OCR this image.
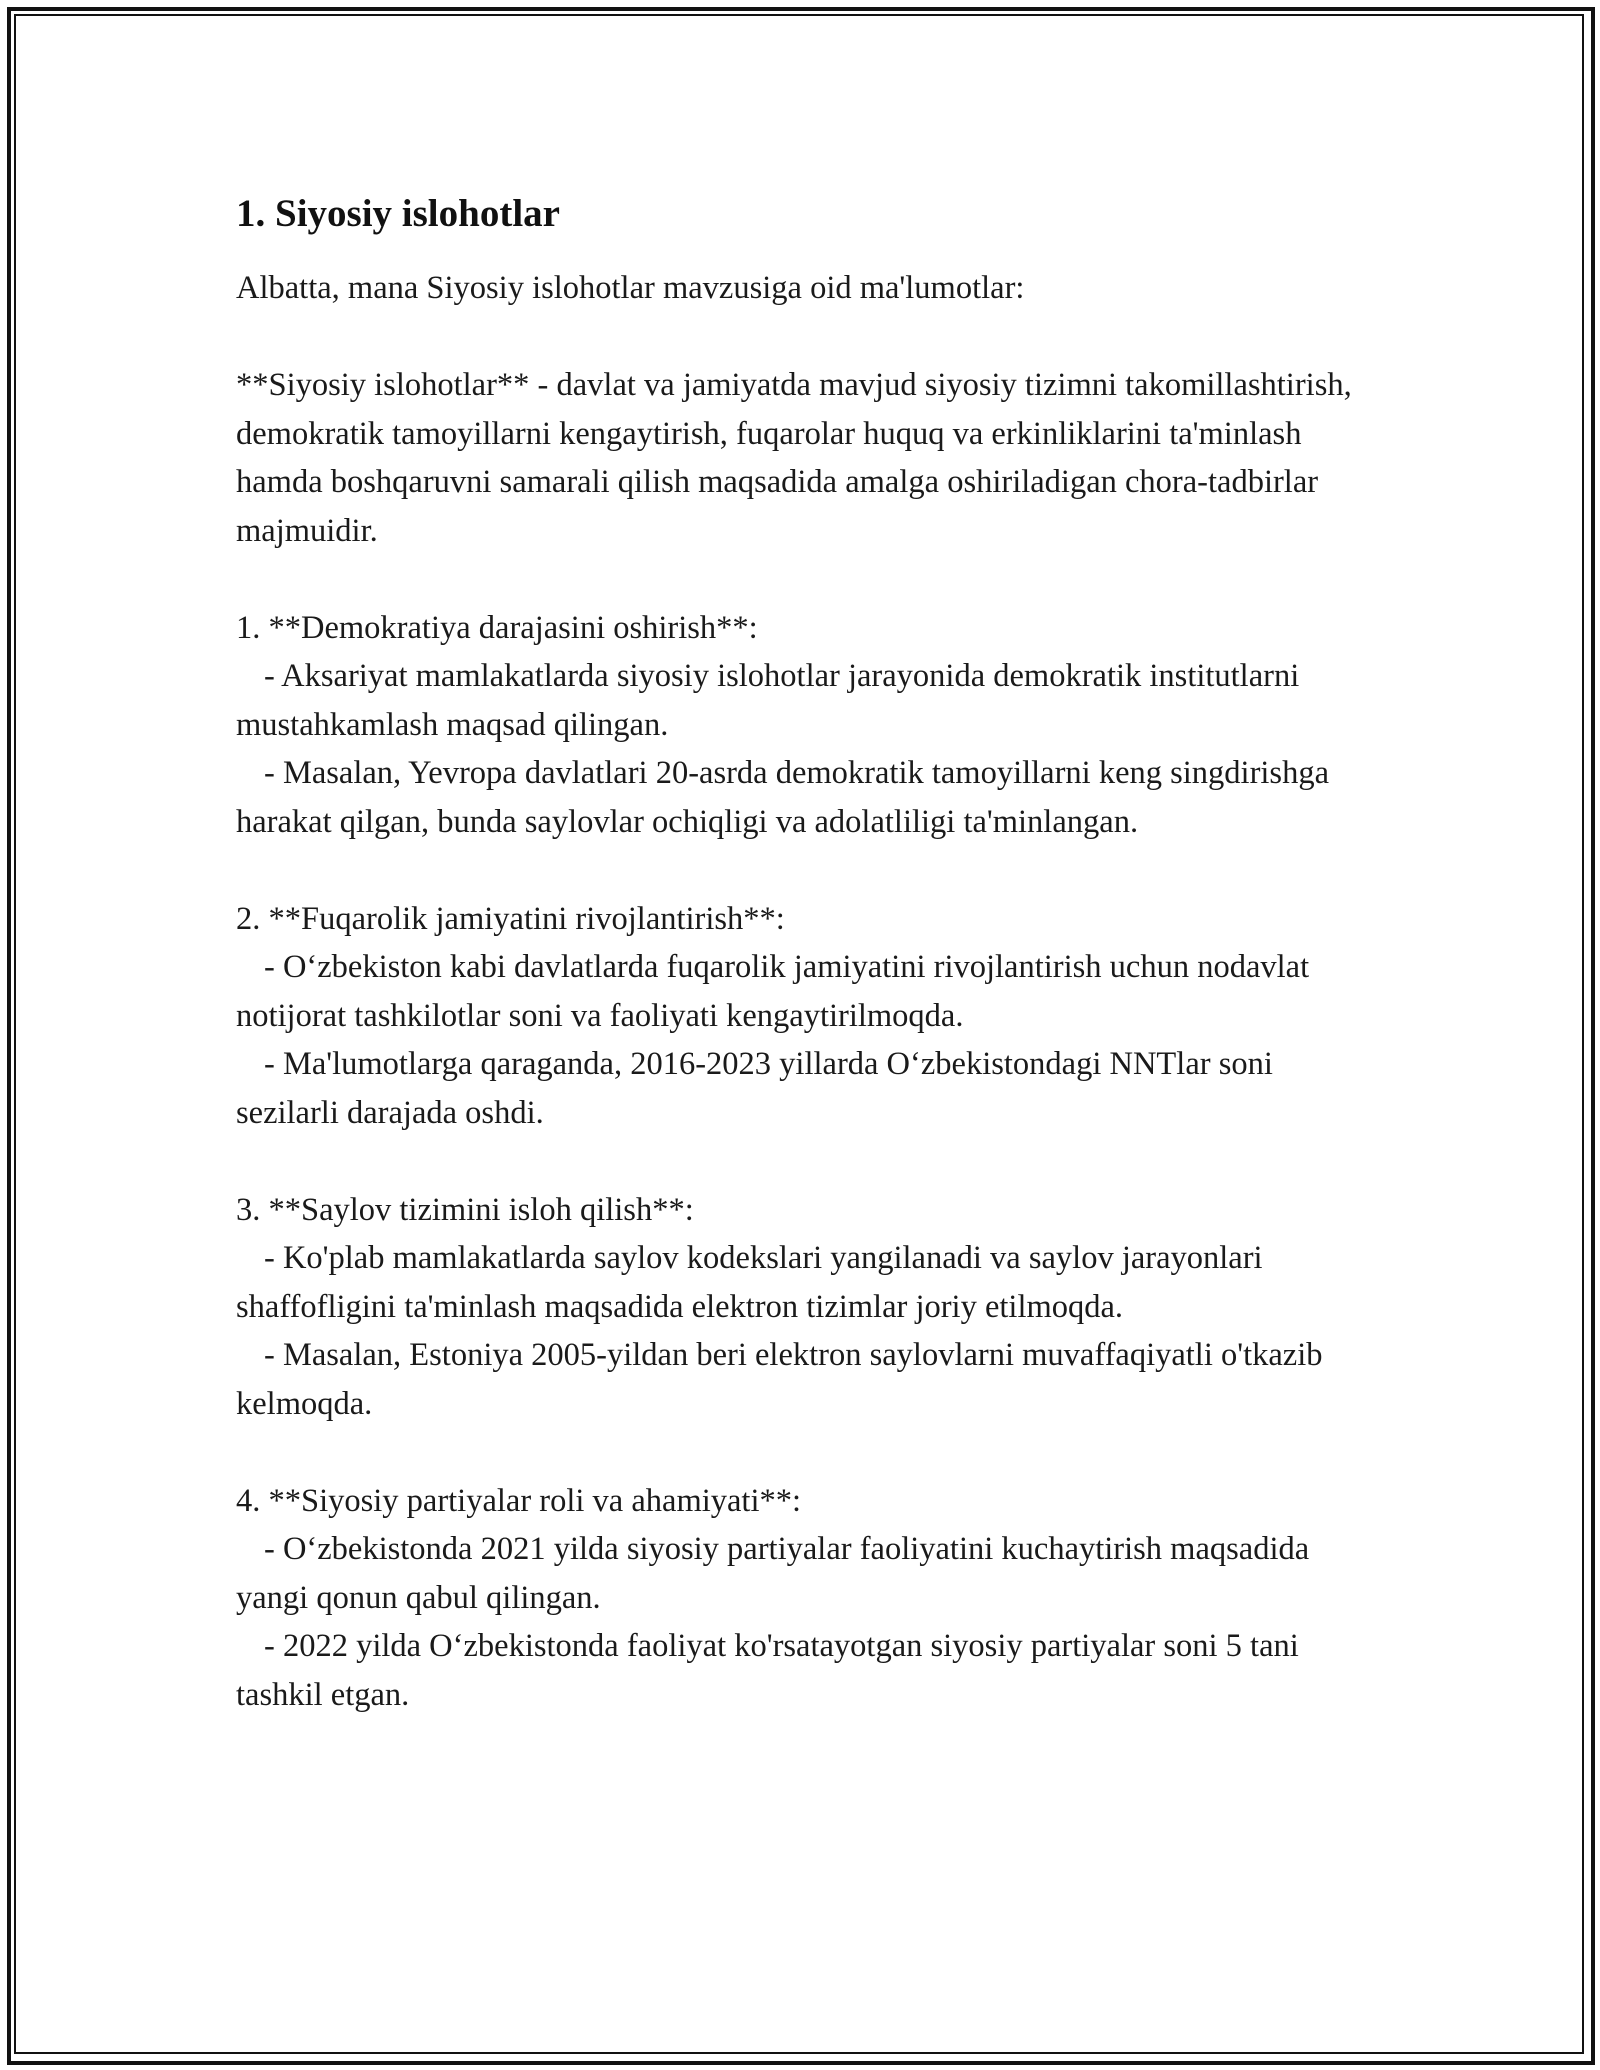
1. Siyosiy islohotlar
Albatta, mana Siyosiy islohotlar mavzusiga oid ma'lumotlar:
**Siyosiy islohotlar** - davlat va jamiyatda mavjud siyosiy tizimni takomillashtirish, demokratik tamoyillarni kengaytirish, fuqarolar huquq va erkinliklarini ta'minlash hamda boshqaruvni samarali qilish maqsadida amalga oshiriladigan chora-tadbirlar majmuidir.
1. **Demokratiya darajasini oshirish**:
- Aksariyat mamlakatlarda siyosiy islohotlar jarayonida demokratik institutlarni mustahkamlash maqsad qilingan.
- Masalan, Yevropa davlatlari 20-asrda demokratik tamoyillarni keng singdirishga harakat qilgan, bunda saylovlar ochiqligi va adolatliligi ta'minlangan.
2. **Fuqarolik jamiyatini rivojlantirish**:
- O‘zbekiston kabi davlatlarda fuqarolik jamiyatini rivojlantirish uchun nodavlat notijorat tashkilotlar soni va faoliyati kengaytirilmoqda.
- Ma'lumotlarga qaraganda, 2016-2023 yillarda O‘zbekistondagi NNTlar soni sezilarli darajada oshdi.
3. **Saylov tizimini isloh qilish**:
- Ko'plab mamlakatlarda saylov kodekslari yangilanadi va saylov jarayonlari shaffofligini ta'minlash maqsadida elektron tizimlar joriy etilmoqda.
- Masalan, Estoniya 2005-yildan beri elektron saylovlarni muvaffaqiyatli o'tkazib kelmoqda.
4. **Siyosiy partiyalar roli va ahamiyati**:
- O‘zbekistonda 2021 yilda siyosiy partiyalar faoliyatini kuchaytirish maqsadida yangi qonun qabul qilingan.
- 2022 yilda O‘zbekistonda faoliyat ko'rsatayotgan siyosiy partiyalar soni 5 tani tashkil etgan.
